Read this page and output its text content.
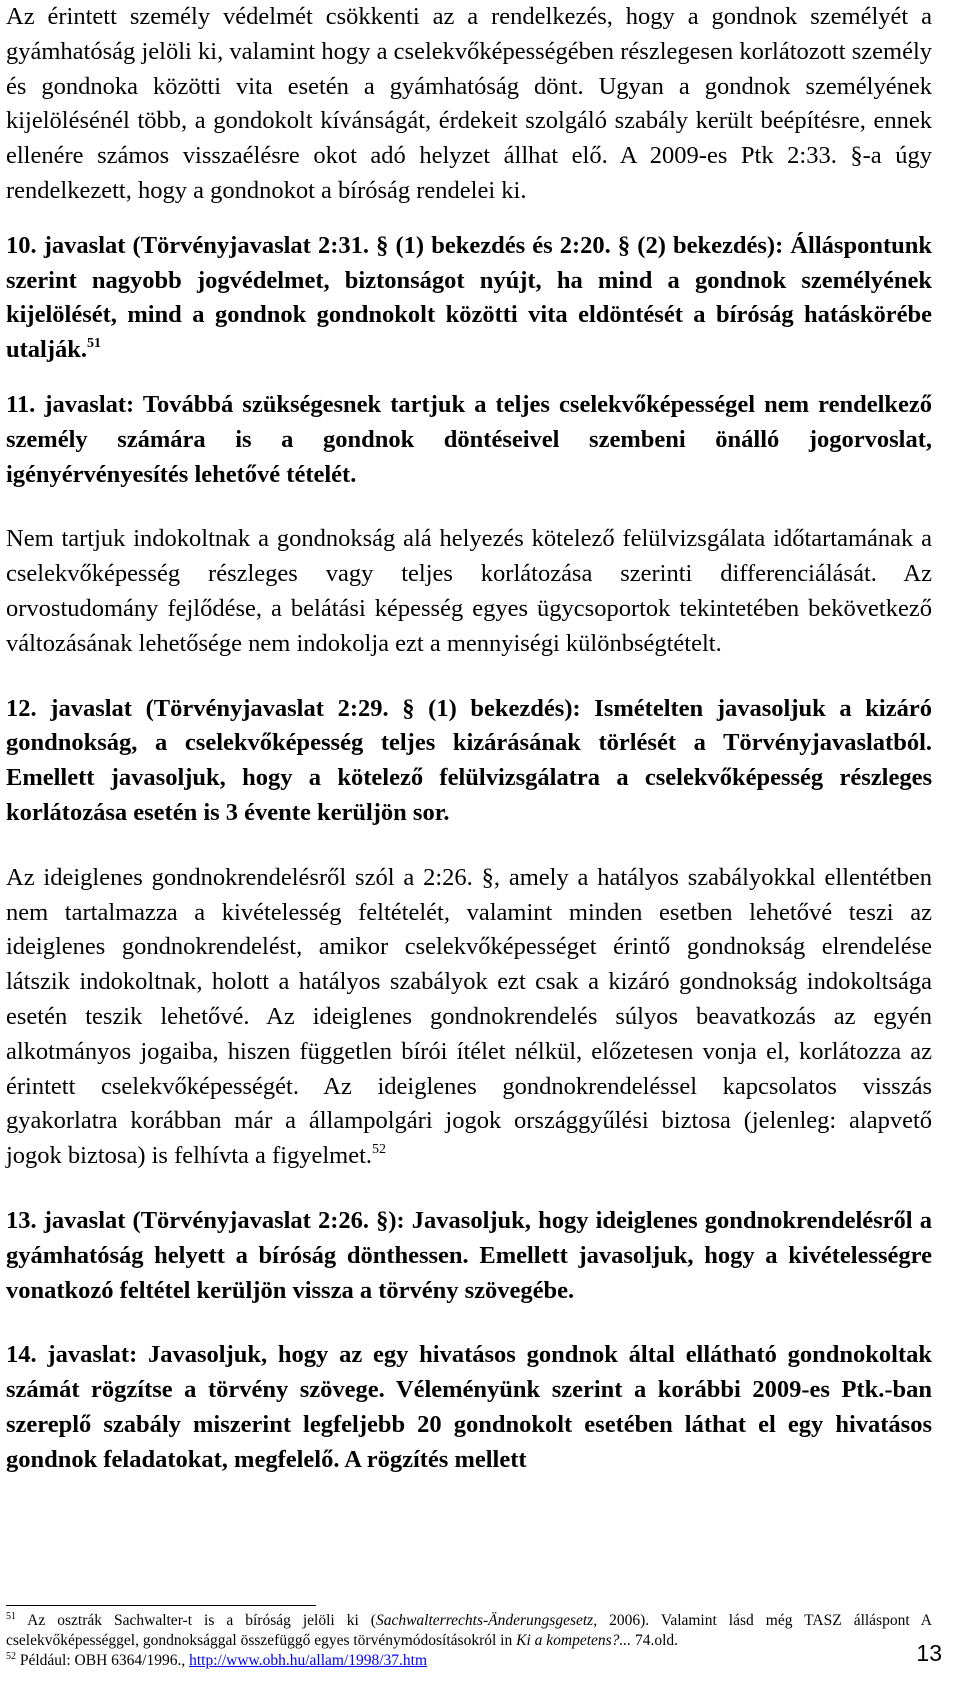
Az érintett személy védelmét csökkenti az a rendelkezés, hogy a gondnok személyét a gyámhatóság jelöli ki, valamint hogy a cselekvőképességében részlegesen korlátozott személy és gondnoka közötti vita esetén a gyámhatóság dönt. Ugyan a gondnok személyének kijelölésénél több, a gondokolt kívánságát, érdekeit szolgáló szabály került beépítésre, ennek ellenére számos visszaélésre okot adó helyzet állhat elő. A 2009-es Ptk 2:33. §-a úgy rendelkezett, hogy a gondnokot a bíróság rendelei ki.

10. javaslat (Törvényjavaslat 2:31. § (1) bekezdés és 2:20. § (2) bekezdés): Álláspontunk szerint nagyobb jogvédelmet, biztonságot nyújt, ha mind a gondnok személyének kijelölését, mind a gondnok gondnokolt közötti vita eldöntését a bíróság hatáskörébe utalják.$^{51}$

11. javaslat: Továbbá szükségesnek tartjuk a teljes cselekvőképességel nem rendelkező személy számára is a gondnok döntéseivel szembeni önálló jogorvoslat, igényérvényesítés lehetővé tételét.

Nem tartjuk indokoltnak a gondnokság alá helyezés kötelező felülvizsgálata időtartamának a cselekvőképesség részleges vagy teljes korlátozása szerinti differenciálását. Az orvostudomány fejlődése, a belátási képesség egyes ügycsoportok tekintetében bekövetkező változásának lehetősége nem indokolja ezt a mennyiségi különbségtételt.

12. javaslat (Törvényjavaslat 2:29. § (1) bekezdés): Ismételten javasoljuk a kizáró gondnokság, a cselekvőképesség teljes kizárásának törlését a Törvényjavaslatból. Emellett javasoljuk, hogy a kötelező felülvizsgálatra a cselekvőképesség részleges korlátozása esetén is 3 évente kerüljön sor.

Az ideiglenes gondnokrendelésről szól a 2:26. §, amely a hatályos szabályokkal ellentétben nem tartalmazza a kivételesség feltételét, valamint minden esetben lehetővé teszi az ideiglenes gondnokrendelést, amikor cselekvőképességet érintő gondnokság elrendelése látszik indokoltnak, holott a hatályos szabályok ezt csak a kizáró gondnokság indokoltsága esetén teszik lehetővé. Az ideiglenes gondnokrendelés súlyos beavatkozás az egyén alkotmányos jogaiba, hiszen független bírói ítélet nélkül, előzetesen vonja el, korlátozza az érintett cselekvőképességét. Az ideiglenes gondnokrendeléssel kapcsolatos visszás gyakorlatra korábban már a állampolgári jogok országgyűlési biztosa (jelenleg: alapvető jogok biztosa) is felhívta a figyelmet.$^{52}$

13. javaslat (Törvényjavaslat 2:26. §): Javasoljuk, hogy ideiglenes gondnokrendelésről a gyámhatóság helyett a bíróság dönthessen. Emellett javasoljuk, hogy a kivételességre vonatkozó feltétel kerüljön vissza a törvény szövegébe.

14. javaslat: Javasoljuk, hogy az egy hivatásos gondnok által ellátható gondnokoltak számát rögzítse a törvény szövege. Véleményünk szerint a korábbi 2009-es Ptk.-ban szereplő szabály miszerint legfeljebb 20 gondnokolt esetében láthat el egy hivatásos gondnok feladatokat, megfelelő. A rögzítés mellett

$^{51}$ Az osztrák Sachwalter-t is a bíróság jelöli ki (Sachwalterrechts-Änderungsgesetz, 2006). Valamint lásd még TASZ álláspont A cselekvőképességgel, gondnoksággal összefüggő egyes törvénymódosításokról in Ki a kompetens?... 74.old.

$^{52}$ Például: OBH 6364/1996., http://www.obh.hu/allam/1998/37.htm	13
